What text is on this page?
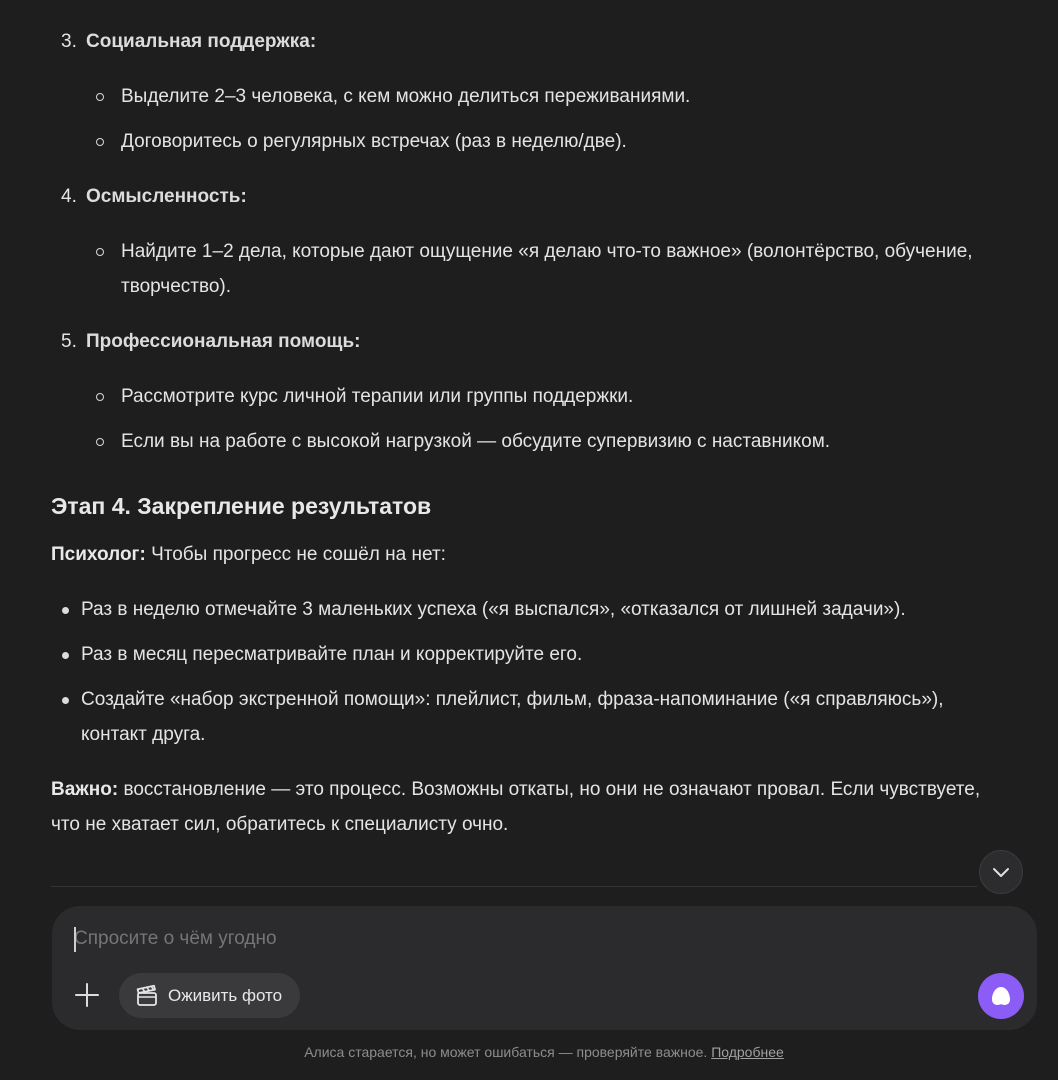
3. Социальная поддержка:

Выделите 2–3 человека, с кем можно делиться переживаниями.
Договоритесь о регулярных встречах (раз в неделю/две).

4. Осмысленность:

Найдите 1–2 дела, которые дают ощущение «я делаю что-то важное» (волонтёрство, обучение, творчество).

5. Профессиональная помощь:

Рассмотрите курс личной терапии или группы поддержки.
Если вы на работе с высокой нагрузкой — обсудите супервизию с наставником.
Этап 4. Закрепление результатов

Психолог: Чтобы прогресс не сошёл на нет:

Раз в неделю отмечайте 3 маленьких успеха («я выспался», «отказался от лишней задачи»).
Раз в месяц пересматривайте план и корректируйте его.
Создайте «набор экстренной помощи»: плейлист, фильм, фраза-напоминание («я справляюсь»), контакт друга.

Важно: восстановление — это процесс. Возможны откаты, но они не означают провал. Если чувствуете, что не хватает сил, обратитесь к специалисту очно.

Спросите о чём угодно
Оживить фото
Алиса старается, но может ошибаться — проверяйте важное. Подробнее
